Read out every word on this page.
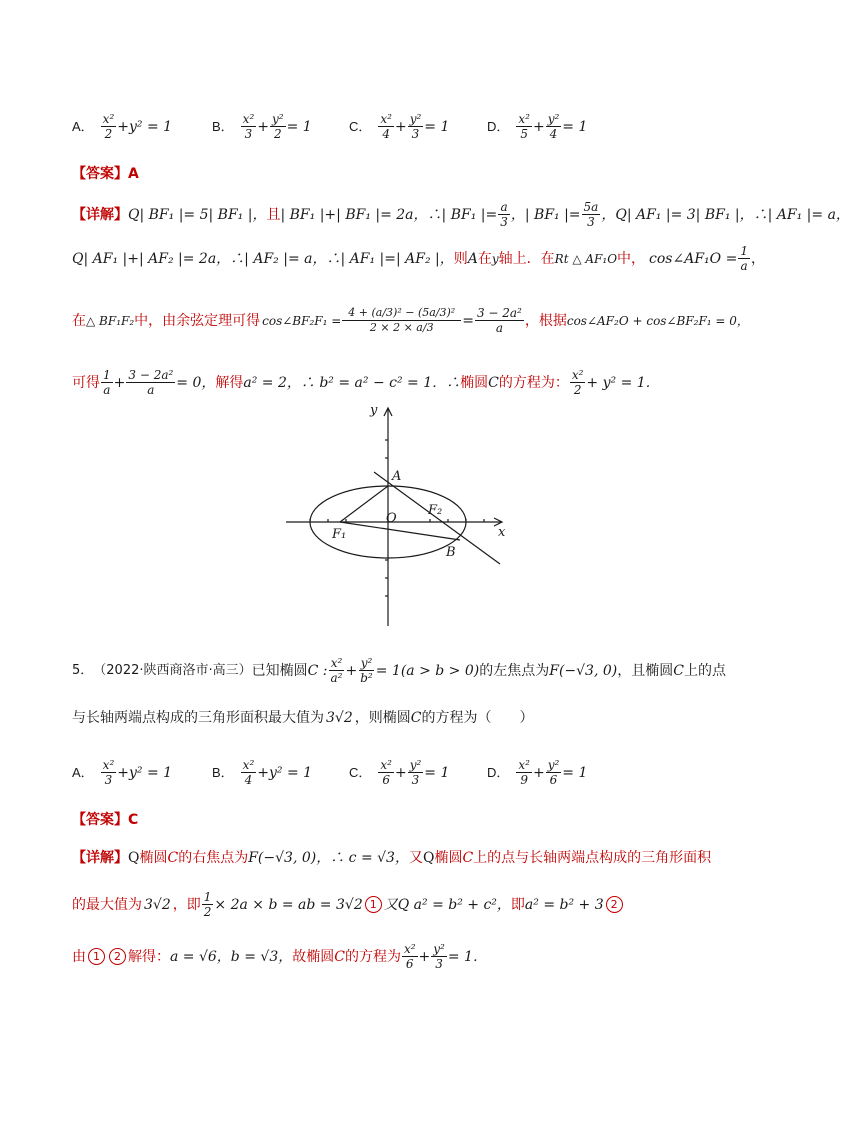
A． $\frac{\text{x²}}{2} +y^2 = 1$	B． $\frac{\text{x²}}{3} + \frac{\text{y²}}{2} = 1$	C． $\frac{\text{x²}}{4} + \frac{\text{y²}}{3} = 1$	D． $\frac{\text{x²}}{5} + \frac{\text{y²}}{4} = 1$
【答案】A
【详解】 Q| BF₁ |= 5| BF₁ |， 且 | BF₁ |+| BF₁ |= 2a，∴| BF₁ |= $\frac{a}{3}$ ，| BF₁ |= $\frac{5a}{3}$ ，Q| AF₁ |= 3| BF₁ |，∴| AF₁ |= a，
Q| AF₁ |+| AF₂ |= 2a，∴| AF₂ |= a，∴| AF₁ |=| AF₂ |， 则 A 在 y 轴上．在 Rt △ AF₁O 中， cos∠AF₁O = $\frac{1}{a}$ ，
在 △ BF₁F₂ 中，由余弦定理可得 cos∠BF₂F₁ = $\frac{\text{4 + (a/3)² − (5a/3)²}}{2 \times 2 \times a/3} = \frac{\text{3 − 2a²}}{a}$ ，根据 cos∠AF₂O + cos∠BF₂F₁ = 0，
可得 $\frac{1}{a} + \frac{\text{3 − 2a²}}{a} = 0$， 解得 a² = 2，∴ b² = a² − c² = 1．∴ 椭圆 C 的方程为： $\frac{\text{x²}}{2} + y^2 = 1$．
y
x
A
O
F₁
F₂
B
5． （2022·陕西商洛市·高三） 已知椭圆 C : $\frac{\text{x²}}{\text{a²}} + \frac{\text{y²}}{\text{b²}} = 1(a > b > 0)$ 的左焦点为 F(−√3, 0) ，且椭圆 C 上的点
与长轴两端点构成的三角形面积最大值为 3√2 ，则椭圆 C 的方程为（　　）
A． $\frac{\text{x²}}{3} +y^2 = 1$	B． $\frac{\text{x²}}{4} +y^2 = 1$	C． $\frac{\text{x²}}{6} + \frac{\text{y²}}{3} = 1$	D． $\frac{\text{x²}}{9} + \frac{\text{y²}}{6} = 1$
【答案】C
【详解】 Q 椭圆 C 的右焦点为 F(−√3, 0)，∴ c = √3， 又 Q 椭圆 C 上的点与长轴两端点构成的三角形面积
的最大值为 3√2 ，即 $\frac{1}{2} \times 2a \times b$ = ab = 3√2 1 又Q a² = b² + c²， 即 a² = b² + 3 2
由 1	2 解得： a = √6，b = √3， 故椭圆 C 的方程为 $\frac{\text{x²}}{6} + \frac{\text{y²}}{3} = 1$．
